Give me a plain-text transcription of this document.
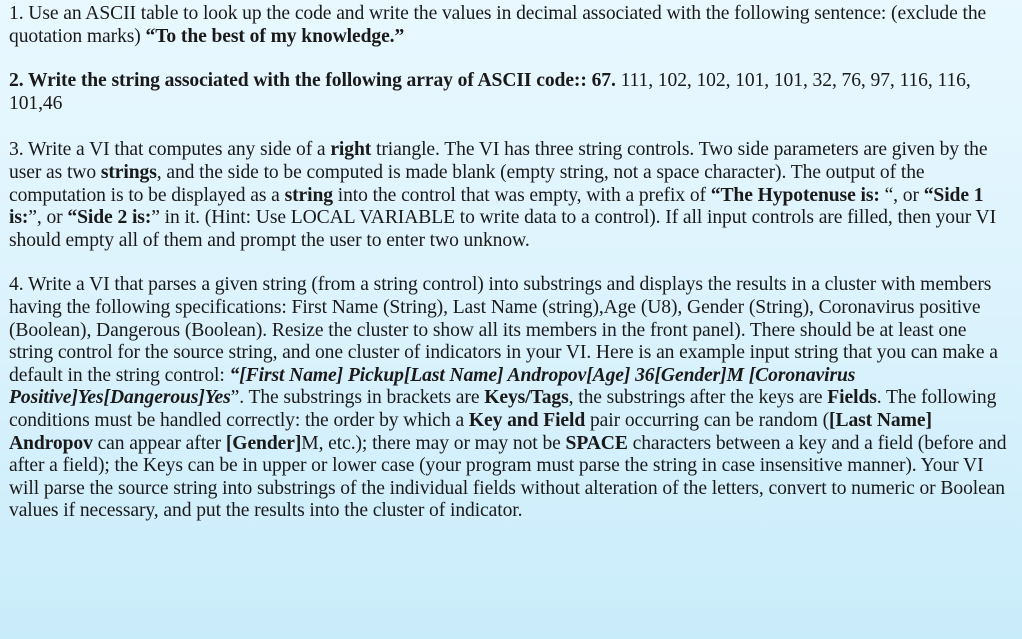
1. Use an ASCII table to look up the code and write the values in decimal associated with the following sentence: (exclude the quotation marks) “To the best of my knowledge.”

2. Write the string associated with the following array of ASCII code:: 67. 111, 102, 102, 101, 101, 32, 76, 97, 116, 116, 101,46

3. Write a VI that computes any side of a right triangle. The VI has three string controls. Two side parameters are given by the user as two strings, and the side to be computed is made blank (empty string, not a space character). The output of the computation is to be displayed as a string into the control that was empty, with a prefix of “The Hypotenuse is: “, or “Side 1 is:”, or “Side 2 is:” in it. (Hint: Use LOCAL VARIABLE to write data to a control). If all input controls are filled, then your VI should empty all of them and prompt the user to enter two unknow.

4. Write a VI that parses a given string (from a string control) into substrings and displays the results in a cluster with members having the following specifications: First Name (String), Last Name (string),Age (U8), Gender (String), Coronavirus positive (Boolean), Dangerous (Boolean). Resize the cluster to show all its members in the front panel). There should be at least one string control for the source string, and one cluster of indicators in your VI. Here is an example input string that you can make a default in the string control: “[First Name] Pickup[Last Name] Andropov[Age] 36[Gender]M [Coronavirus Positive]Yes[Dangerous]Yes”. The substrings in brackets are Keys/Tags, the substrings after the keys are Fields. The following conditions must be handled correctly: the order by which a Key and Field pair occurring can be random ([Last Name] Andropov can appear after [Gender]M, etc.); there may or may not be SPACE characters between a key and a field (before and after a field); the Keys can be in upper or lower case (your program must parse the string in case insensitive manner). Your VI will parse the source string into substrings of the individual fields without alteration of the letters, convert to numeric or Boolean values if necessary, and put the results into the cluster of indicator.
